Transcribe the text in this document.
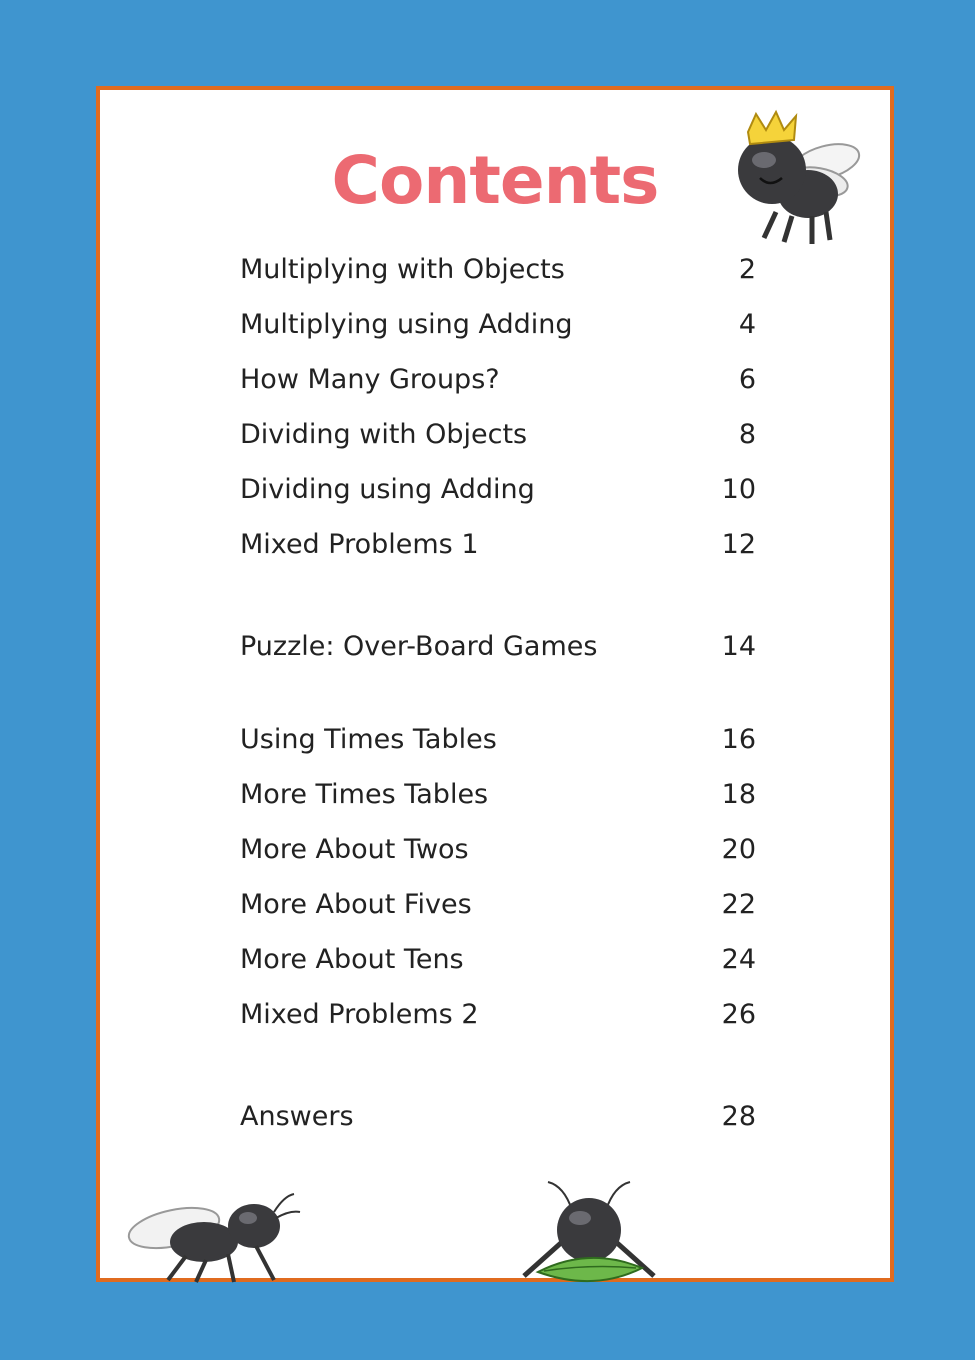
Contents
Multiplying with Objects	2
Multiplying using Adding	4
How Many Groups?	6
Dividing with Objects	8
Dividing using Adding	10
Mixed Problems 1	12
Puzzle: Over-Board Games	14
Using Times Tables	16
More Times Tables	18
More About Twos	20
More About Fives	22
More About Tens	24
Mixed Problems 2	26
Answers	28
